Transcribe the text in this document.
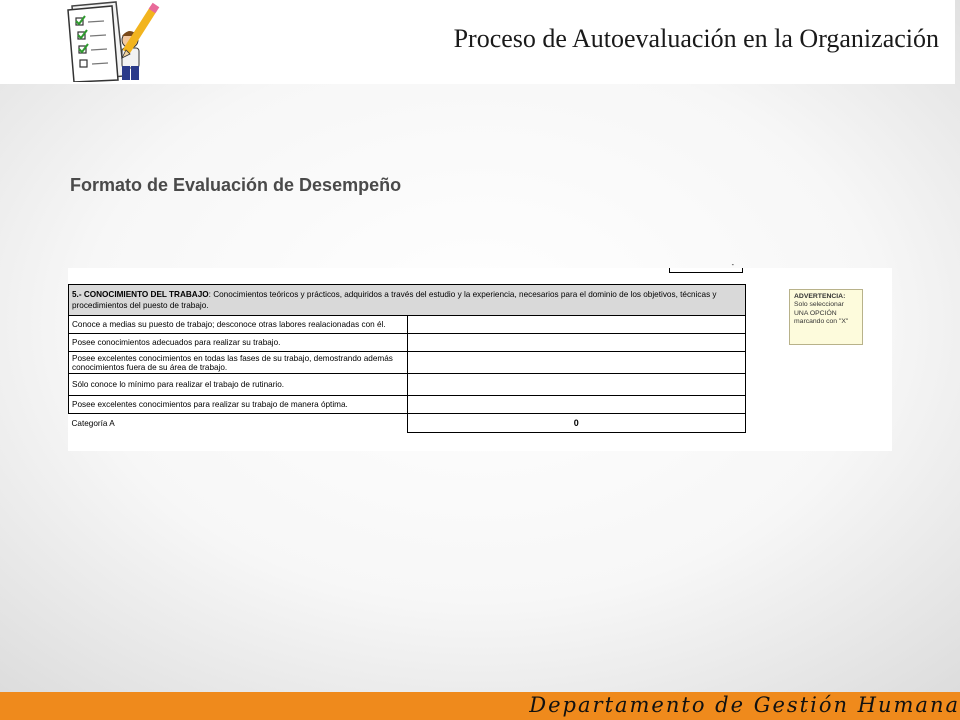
Proceso de Autoevaluación en la Organización
Formato de Evaluación de Desempeño
-
5.- CONOCIMIENTO DEL TRABAJO: Conocimientos teóricos y prácticos, adquiridos a través del estudio y la experiencia, necesarios para el dominio de los objetivos, técnicas y procedimientos del puesto de trabajo.	
Conoce a medias su puesto de trabajo; desconoce otras labores realacionadas con él.	
Posee conocimientos adecuados para realizar su trabajo.	
Posee excelentes conocimientos en todas las fases de su trabajo, demostrando además conocimientos fuera de su área de trabajo.	
Sólo conoce lo mínimo para realizar el trabajo de rutinario.	
Posee excelentes conocimientos para realizar su trabajo de manera óptima.	
Categoría A	0
ADVERTENCIA:
Solo seleccionar
UNA OPCIÓN
marcando con "X"
Departamento de Gestión Humana
